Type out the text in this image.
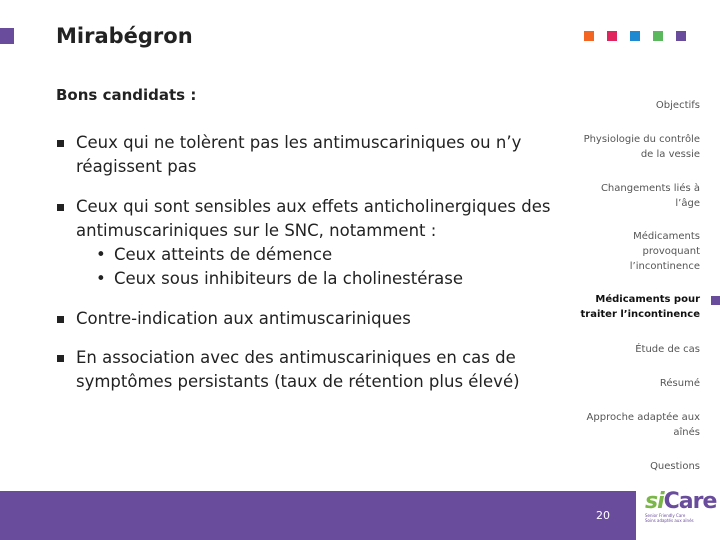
Mirabégron
Bons candidats :
Ceux qui ne tolèrent pas les antimuscariniques ou n’y réagissent pas
Ceux qui sont sensibles aux effets anticholinergiques des antimuscariniques sur le SNC, notamment :
• Ceux atteints de démence
• Ceux sous inhibiteurs de la cholinestérase
Contre-indication aux antimuscariniques
En association avec des antimuscariniques en cas de symptômes persistants (taux de rétention plus élevé)
Objectifs
Physiologie du contrôle de la vessie
Changements liés à l’âge
Médicaments provoquant l’incontinence
Médicaments pour traiter l’incontinence
Étude de cas
Résumé
Approche adaptée aux aînés
Questions
20
siCare
Senior Friendly Care
Soins adaptés aux aînés
